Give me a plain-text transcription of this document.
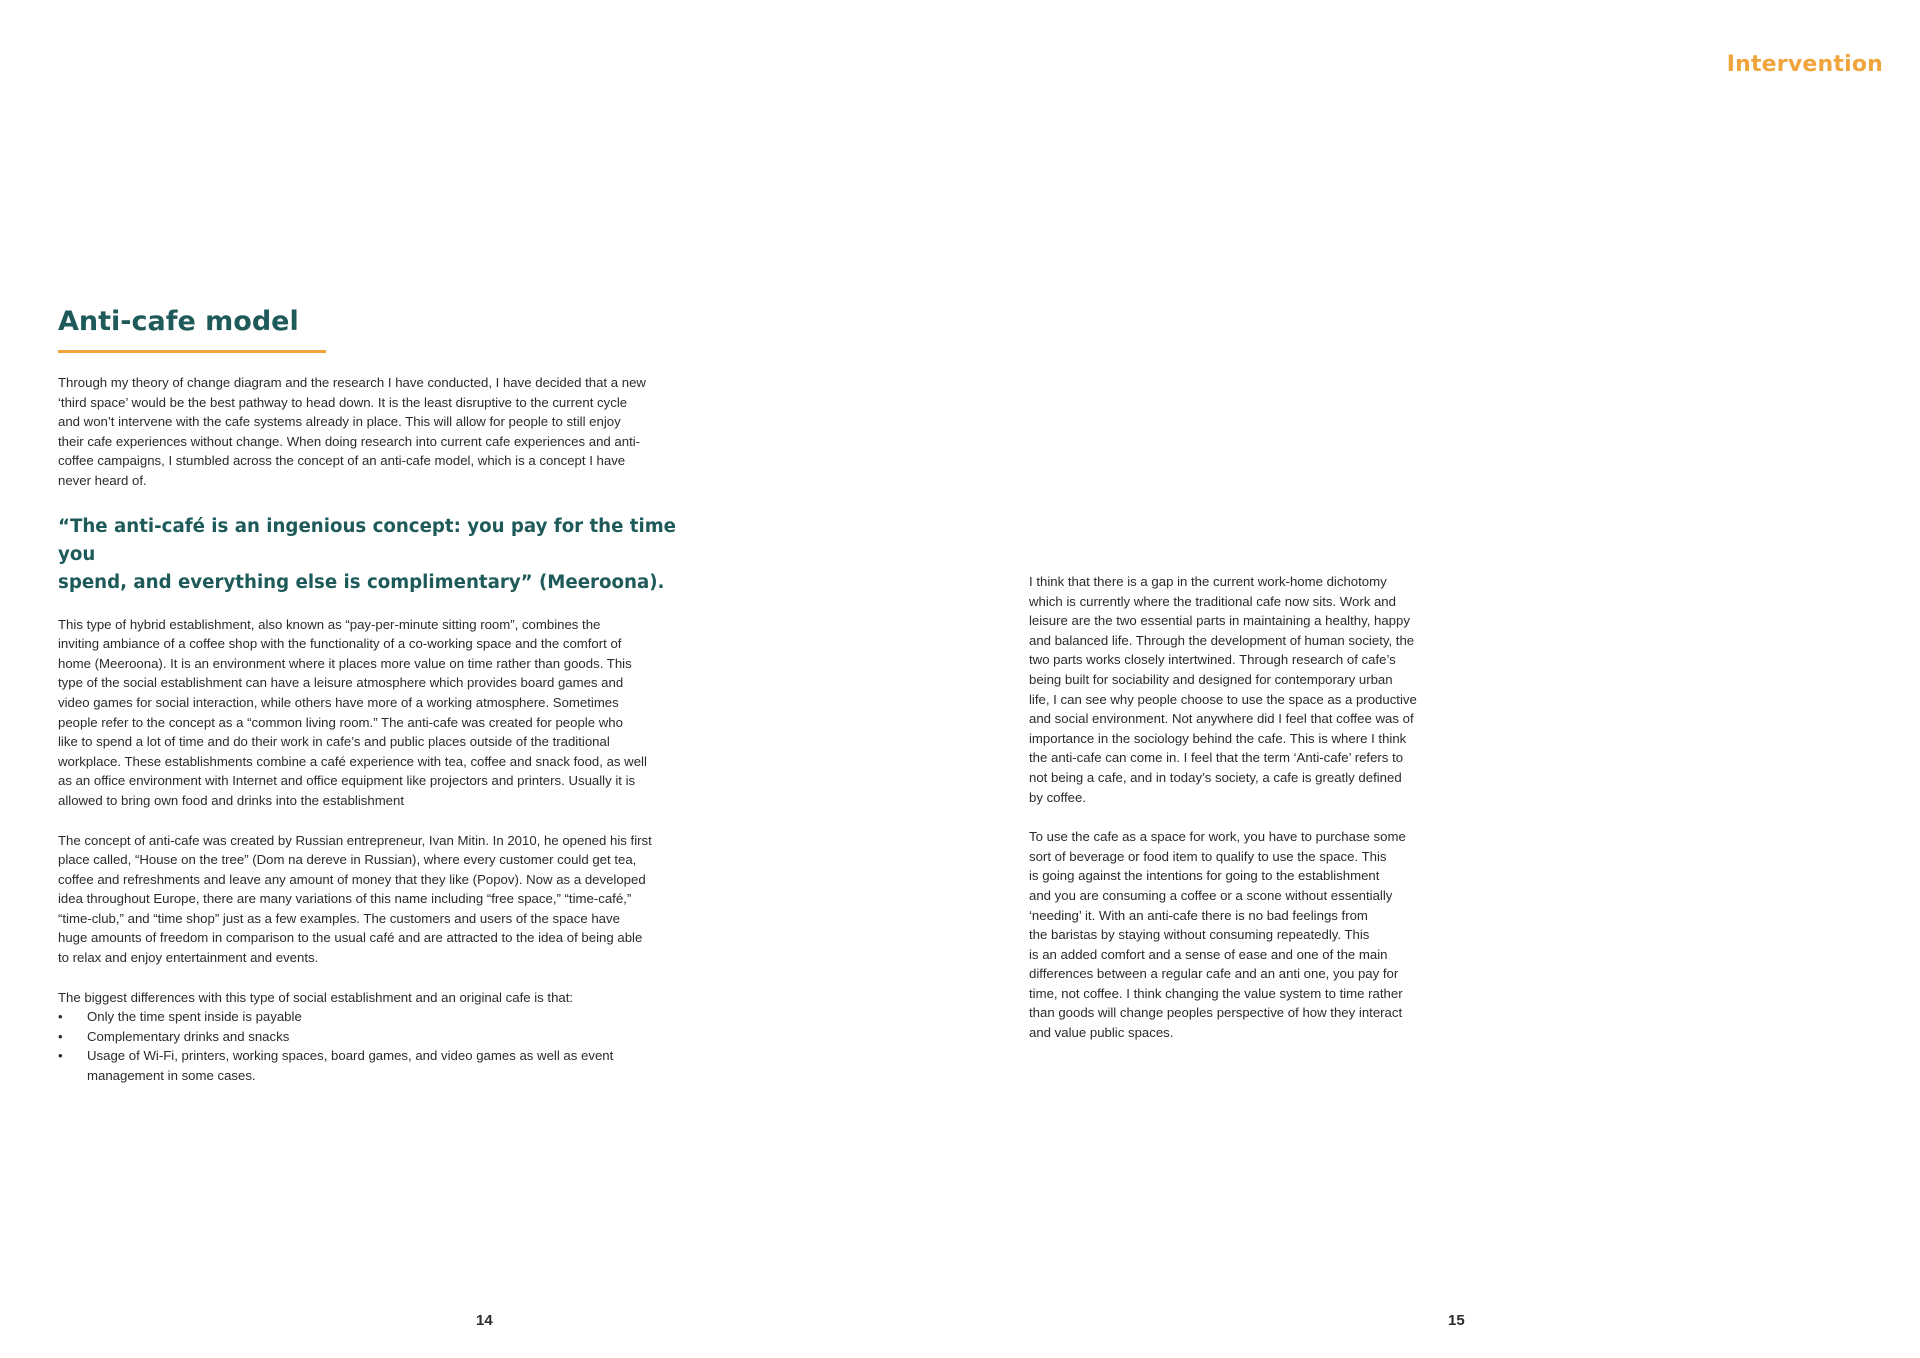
Intervention
Anti-cafe model
Through my theory of change diagram and the research I have conducted, I have decided that a new
‘third space’ would be the best pathway to head down. It is the least disruptive to the current cycle
and won’t intervene with the cafe systems already in place. This will allow for people to still enjoy
their cafe experiences without change. When doing research into current cafe experiences and anti-
coffee campaigns, I stumbled across the concept of an anti-cafe model, which is a concept I have
never heard of.
“The anti-café is an ingenious concept: you pay for the time you
spend, and everything else is complimentary” (Meeroona).
This type of hybrid establishment, also known as “pay-per-minute sitting room”, combines the
inviting ambiance of a coffee shop with the functionality of a co-working space and the comfort of
home (Meeroona). It is an environment where it places more value on time rather than goods. This
type of the social establishment can have a leisure atmosphere which provides board games and
video games for social interaction, while others have more of a working atmosphere. Sometimes
people refer to the concept as a “common living room.” The anti-cafe was created for people who
like to spend a lot of time and do their work in cafe’s and public places outside of the traditional
workplace. These establishments combine a café experience with tea, coffee and snack food, as well
as an office environment with Internet and office equipment like projectors and printers. Usually it is
allowed to bring own food and drinks into the establishment
The concept of anti-cafe was created by Russian entrepreneur, Ivan Mitin. In 2010, he opened his first
place called, “House on the tree” (Dom na dereve in Russian), where every customer could get tea,
coffee and refreshments and leave any amount of money that they like (Popov). Now as a developed
idea throughout Europe, there are many variations of this name including “free space,” “time-café,”
“time-club,” and “time shop” just as a few examples. The customers and users of the space have
huge amounts of freedom in comparison to the usual café and are attracted to the idea of being able
to relax and enjoy entertainment and events.
The biggest differences with this type of social establishment and an original cafe is that:
• Only the time spent inside is payable
• Complementary drinks and snacks
• Usage of Wi-Fi, printers, working spaces, board games, and video games as well as event
management in some cases.
I think that there is a gap in the current work-home dichotomy
which is currently where the traditional cafe now sits. Work and
leisure are the two essential parts in maintaining a healthy, happy
and balanced life. Through the development of human society, the
two parts works closely intertwined. Through research of cafe’s
being built for sociability and designed for contemporary urban
life, I can see why people choose to use the space as a productive
and social environment. Not anywhere did I feel that coffee was of
importance in the sociology behind the cafe. This is where I think
the anti-cafe can come in. I feel that the term ‘Anti-cafe’ refers to
not being a cafe, and in today’s society, a cafe is greatly defined
by coffee.
To use the cafe as a space for work, you have to purchase some
sort of beverage or food item to qualify to use the space. This
is going against the intentions for going to the establishment
and you are consuming a coffee or a scone without essentially
‘needing’ it. With an anti-cafe there is no bad feelings from
the baristas by staying without consuming repeatedly. This
is an added comfort and a sense of ease and one of the main
differences between a regular cafe and an anti one, you pay for
time, not coffee. I think changing the value system to time rather
than goods will change peoples perspective of how they interact
and value public spaces.
14	15
